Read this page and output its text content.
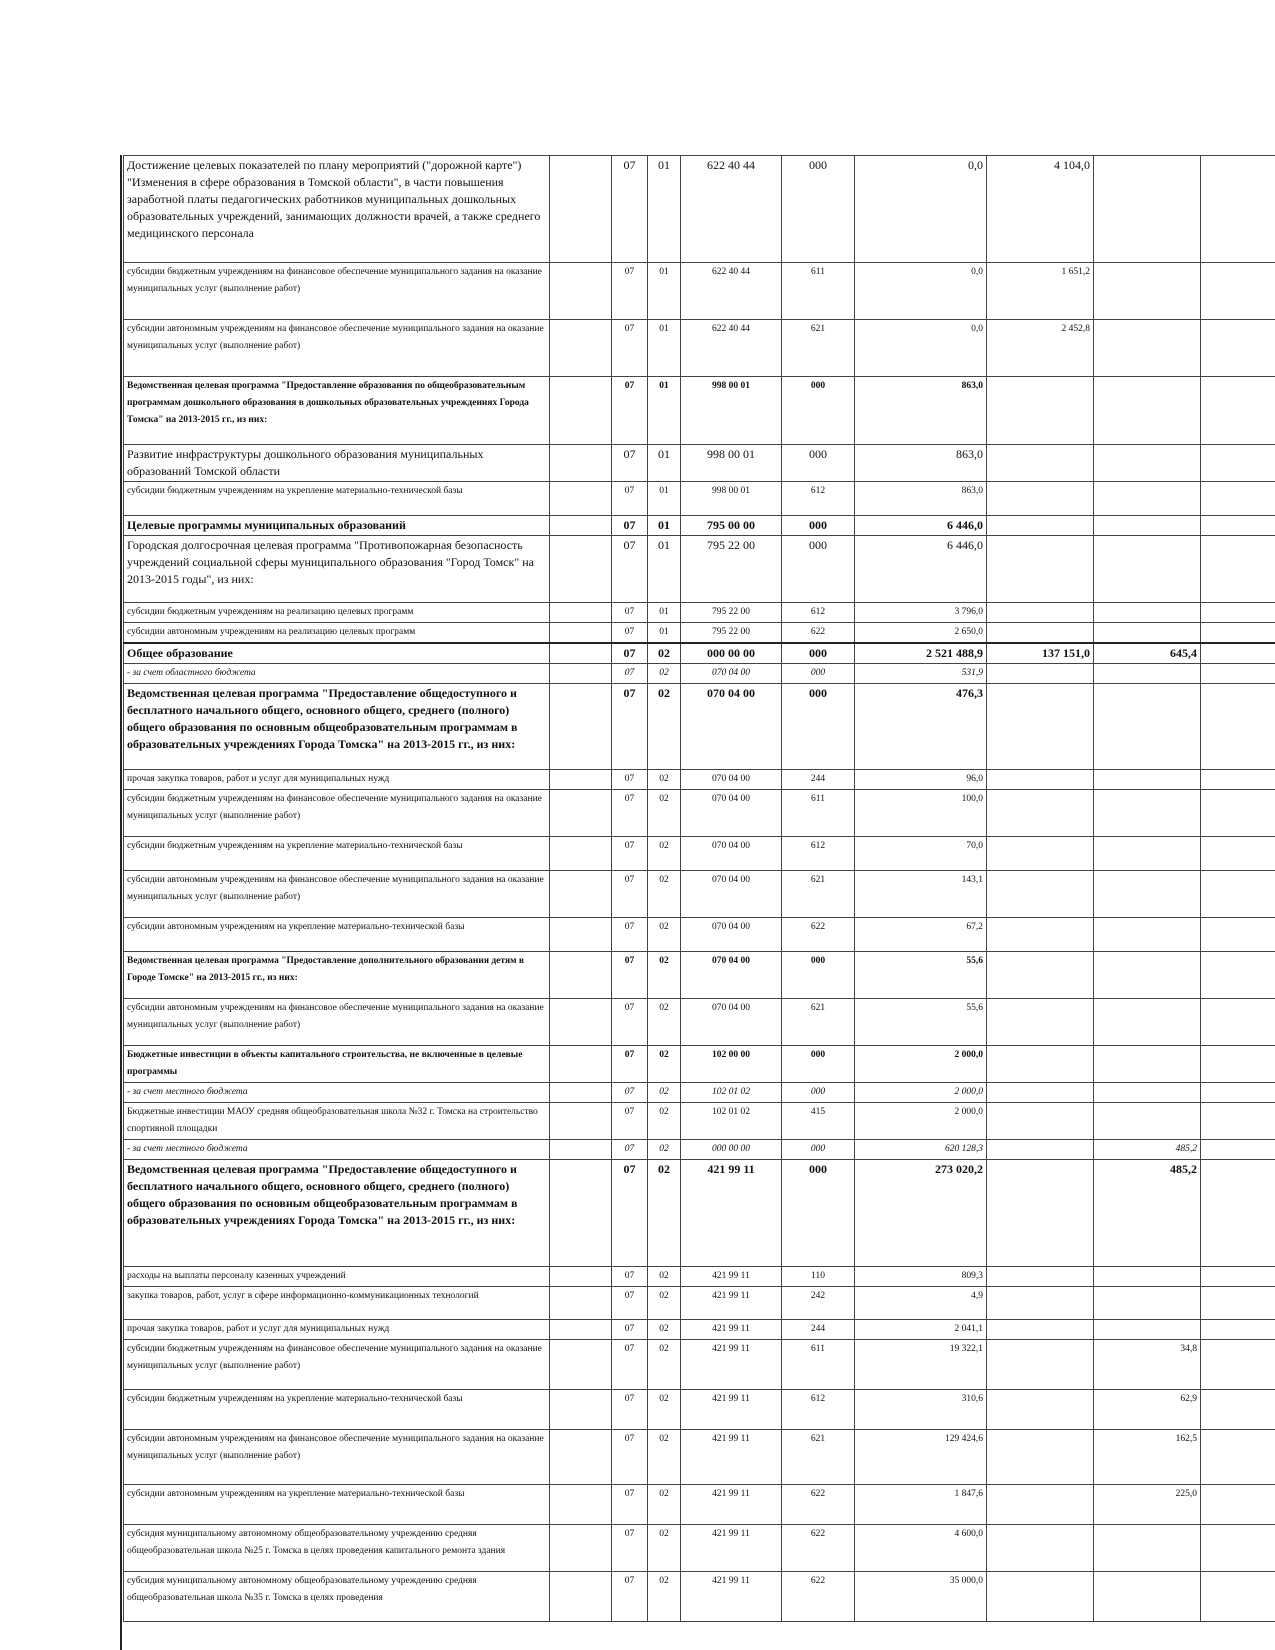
Достижение целевых показателей по плану мероприятий ("дорожной карте") "Изменения в сфере образования в Томской области", в части повышения заработной платы педагогических работников муниципальных дошкольных образовательных учреждений, занимающих должности врачей, а также среднего медицинского персонала		07	01	622 40 44	000	0,0	4 104,0		
субсидии бюджетным учреждениям на финансовое обеспечение муниципального задания на оказание муниципальных услуг (выполнение работ)		07	01	622 40 44	611	0,0	1 651,2		
субсидии автономным учреждениям на финансовое обеспечение муниципального задания на оказание муниципальных услуг (выполнение работ)		07	01	622 40 44	621	0,0	2 452,8		
Ведомственная целевая программа "Предоставление образования по общеобразовательным программам дошкольного образования в дошкольных образовательных учреждениях Города Томска" на 2013-2015 гг., из них:		07	01	998 00 01	000	863,0			
Развитие инфраструктуры дошкольного образования муниципальных образований Томской области		07	01	998 00 01	000	863,0			
субсидии бюджетным учреждениям на укрепление материально-технической базы		07	01	998 00 01	612	863,0			
Целевые программы муниципальных образований		07	01	795 00 00	000	6 446,0			
Городская долгосрочная целевая программа "Противопожарная безопасность учреждений социальной сферы муниципального образования "Город Томск" на 2013-2015 годы", из них:		07	01	795 22 00	000	6 446,0			
субсидии бюджетным учреждениям на реализацию целевых программ		07	01	795 22 00	612	3 796,0			
субсидии автономным учреждениям на реализацию целевых программ		07	01	795 22 00	622	2 650,0			
Общее образование		07	02	000 00 00	000	2 521 488,9	137 151,0	645,4	
- за счет областного бюджета		07	02	070 04 00	000	531,9			
Ведомственная целевая программа "Предоставление общедоступного и бесплатного начального общего, основного общего, среднего (полного) общего образования по основным общеобразовательным программам в образовательных учреждениях Города Томска" на 2013-2015 гг., из них:		07	02	070 04 00	000	476,3			
прочая закупка товаров, работ и услуг для муниципальных нужд		07	02	070 04 00	244	96,0			
субсидии бюджетным учреждениям на финансовое обеспечение муниципального задания на оказание муниципальных услуг (выполнение работ)		07	02	070 04 00	611	100,0			
субсидии бюджетным учреждениям на укрепление материально-технической базы		07	02	070 04 00	612	70,0			
субсидии автономным учреждениям на финансовое обеспечение муниципального задания на оказание муниципальных услуг (выполнение работ)		07	02	070 04 00	621	143,1			
субсидии автономным учреждениям на укрепление материально-технической базы		07	02	070 04 00	622	67,2			
Ведомственная целевая программа "Предоставление дополнительного образования детям в Городе Томске" на 2013-2015 гг., из них:		07	02	070 04 00	000	55,6			
субсидии автономным учреждениям на финансовое обеспечение муниципального задания на оказание муниципальных услуг (выполнение работ)		07	02	070 04 00	621	55,6			
Бюджетные инвестиции в объекты капитального строительства, не включенные в целевые программы		07	02	102 00 00	000	2 000,0			
- за счет местного бюджета		07	02	102 01 02	000	2 000,0			
Бюджетные инвестиции МАОУ средняя общеобразовательная школа №32 г. Томска на строительство спортивной площадки		07	02	102 01 02	415	2 000,0			
- за счет местного бюджета		07	02	000 00 00	000	620 128,3		485,2	
Ведомственная целевая программа "Предоставление общедоступного и бесплатного начального общего, основного общего, среднего (полного) общего образования по основным общеобразовательным программам в образовательных учреждениях Города Томска" на 2013-2015 гг., из них:		07	02	421 99 11	000	273 020,2		485,2	
расходы на выплаты персоналу казенных учреждений		07	02	421 99 11	110	809,3			
закупка товаров, работ, услуг в сфере информационно-коммуникационных технологий		07	02	421 99 11	242	4,9			
прочая закупка товаров, работ и услуг для муниципальных нужд		07	02	421 99 11	244	2 041,1			
субсидии бюджетным учреждениям на финансовое обеспечение муниципального задания на оказание муниципальных услуг (выполнение работ)		07	02	421 99 11	611	19 322,1		34,8	
субсидии бюджетным учреждениям на укрепление материально-технической базы		07	02	421 99 11	612	310,6		62,9	
субсидии автономным учреждениям на финансовое обеспечение муниципального задания на оказание муниципальных услуг (выполнение работ)		07	02	421 99 11	621	129 424,6		162,5	
субсидии автономным учреждениям на укрепление материально-технической базы		07	02	421 99 11	622	1 847,6		225,0	
субсидия муниципальному автономному общеобразовательному учреждению средняя общеобразовательная школа №25 г. Томска в целях проведения капитального ремонта здания		07	02	421 99 11	622	4 600,0			
субсидия муниципальному автономному общеобразовательному учреждению средняя общеобразовательная школа №35 г. Томска в целях проведения		07	02	421 99 11	622	35 000,0			
